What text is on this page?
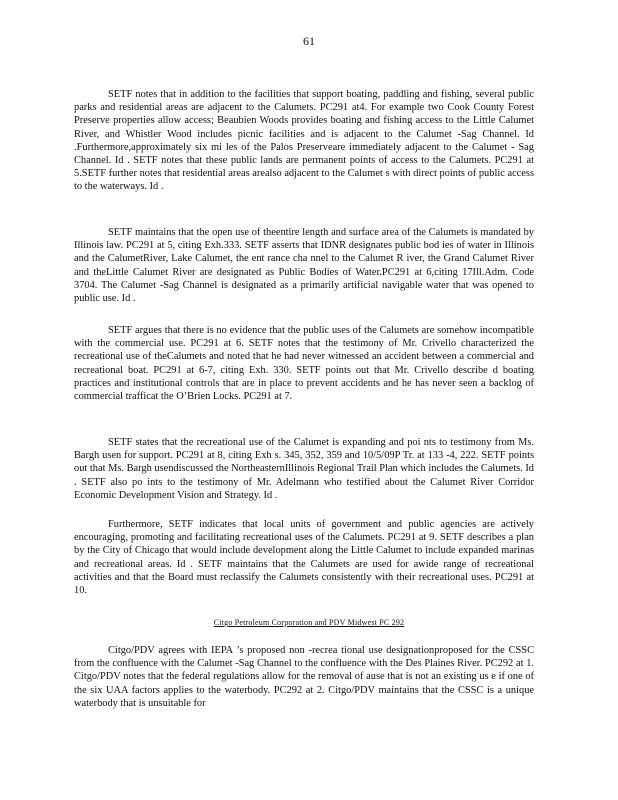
61

SETF notes that in addition to the facilities that support boating, paddling and fishing, several public parks and residential areas are adjacent to the Calumets. PC291 at4. For example two Cook County Forest Preserve properties allow access; Beaubien Woods provides boating and fishing access to the Little Calumet River, and Whistler Wood includes picnic facilities and is adjacent to the Calumet -Sag Channel. Id .Furthermore,approximately six mi les of the Palos Preserveare immediately adjacent to the Calumet - Sag Channel. Id . SETF notes that these public lands are permanent points of access to the Calumets. PC291 at 5.SETF further notes that residential areas arealso adjacent to the Calumet s with direct points of public access to the waterways. Id .

SETF maintains that the open use of theentire length and surface area of the Calumets is mandated by Illinois law. PC291 at 5, citing Exh.333. SETF asserts that IDNR designates public bod ies of water in Illinois and the CalumetRiver, Lake Calumet, the ent rance cha nnel to the Calumet R iver, the Grand Calumet River and theLittle Calumet River are designated as Public Bodies of Water.PC291 at 6,citing 17Ill.Adm. Code 3704. The Calumet -Sag Channel is designated as a primarily artificial navigable water that was opened to public use. Id .

SETF argues that there is no evidence that the public uses of the Calumets are somehow incompatible with the commercial use. PC291 at 6. SETF notes that the testimony of Mr. Crivello characterized the recreational use of theCalumets and noted that he had never witnessed an accident between a commercial and recreational boat. PC291 at 6-7, citing Exh. 330. SETF points out that Mr. Crivello describe d boating practices and institutional controls that are in place to prevent accidents and he has never seen a backlog of commercial trafficat the O’Brien Locks. PC291 at 7.

SETF states that the recreational use of the Calumet is expanding and poi nts to testimony from Ms. Bargh usen for support. PC291 at 8, citing Exh s. 345, 352, 359 and 10/5/09P Tr. at 133 -4, 222. SETF points out that Ms. Bargh usendiscussed the NortheasternIllinois Regional Trail Plan which includes the Calumets. Id . SETF also po ints to the testimony of Mr. Adelmann who testified about the Calumet River Corridor Economic Development Vision and Strategy. Id .

Furthermore, SETF indicates that local units of government and public agencies are actively encouraging, promoting and facilitating recreational uses of the Calumets. PC291 at 9. SETF describes a plan by the City of Chicago that would include development along the Little Calumet to include expanded marinas and recreational areas. Id . SETF maintains that the Calumets are used for awide range of recreational activities and that the Board must reclassify the Calumets consistently with their recreational uses. PC291 at 10.

Citgo Petroleum Corporation and PDV Midwest PC 292

Citgo/PDV agrees with IEPA ’s proposed non -recrea tional use designationproposed for the CSSC from the confluence with the Calumet -Sag Channel to the confluence with the Des Plaines River. PC292 at 1. Citgo/PDV notes that the federal regulations allow for the removal of ause that is not an existing us e if one of the six UAA factors applies to the waterbody. PC292 at 2. Citgo/PDV maintains that the CSSC is a unique waterbody that is unsuitable for
